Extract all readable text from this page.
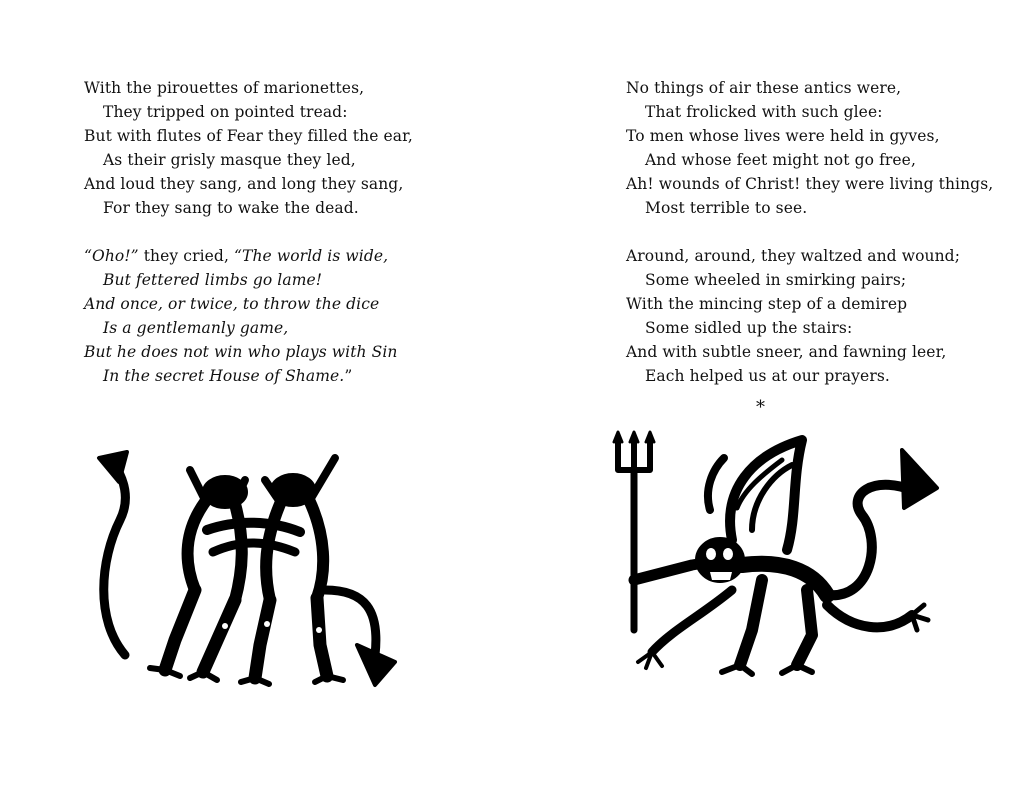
With the pirouettes of marionettes,
They tripped on pointed tread:
But with flutes of Fear they filled the ear,
As their grisly masque they led,
And loud they sang, and long they sang,
For they sang to wake the dead.
“Oho!” they cried, “The world is wide,
But fettered limbs go lame!
And once, or twice, to throw the dice
Is a gentlemanly game,
But he does not win who plays with Sin
In the secret House of Shame.”
No things of air these antics were,
That frolicked with such glee:
To men whose lives were held in gyves,
And whose feet might not go free,
Ah! wounds of Christ! they were living things,
Most terrible to see.
Around, around, they waltzed and wound;
Some wheeled in smirking pairs;
With the mincing step of a demirep
Some sidled up the stairs:
And with subtle sneer, and fawning leer,
Each helped us at our prayers.
*
